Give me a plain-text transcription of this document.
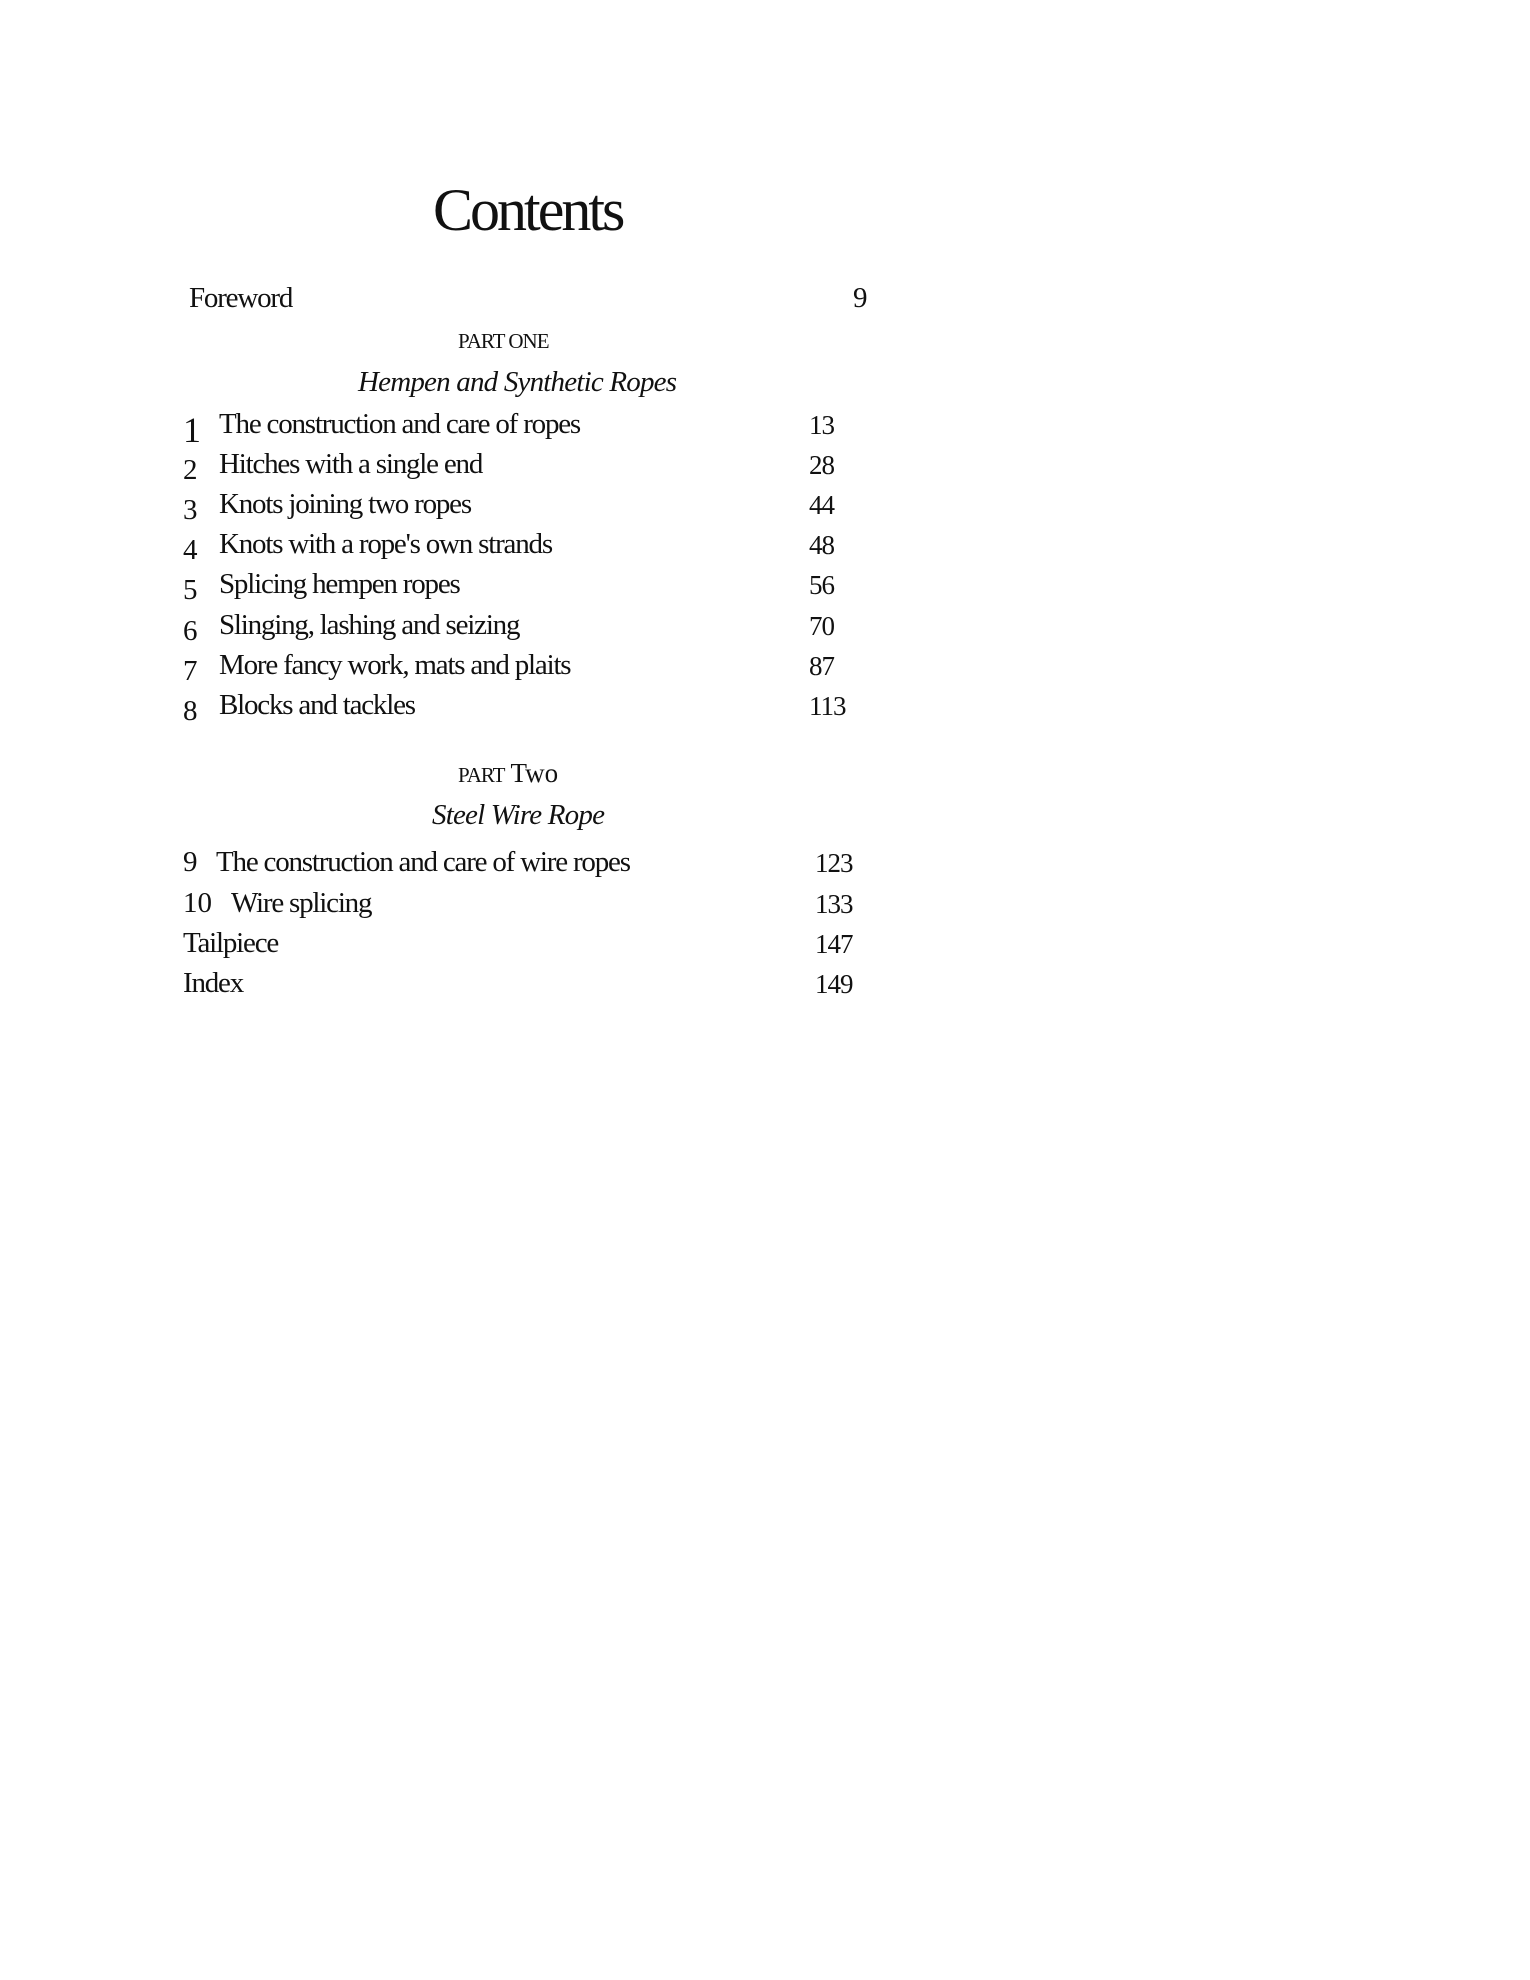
Contents
Foreword	9
PART ONE
Hempen and Synthetic Ropes
1 The construction and care of ropes	13
2 Hitches with a single end	28
3 Knots joining two ropes	44
4 Knots with a rope's own strands	48
5 Splicing hempen ropes	56
6 Slinging, lashing and seizing	70
7 More fancy work, mats and plaits	87
8 Blocks and tackles	113
PART Two
Steel Wire Rope
9 The construction and care of wire ropes	123
10 Wire splicing	133
Tailpiece	147
Index	149
